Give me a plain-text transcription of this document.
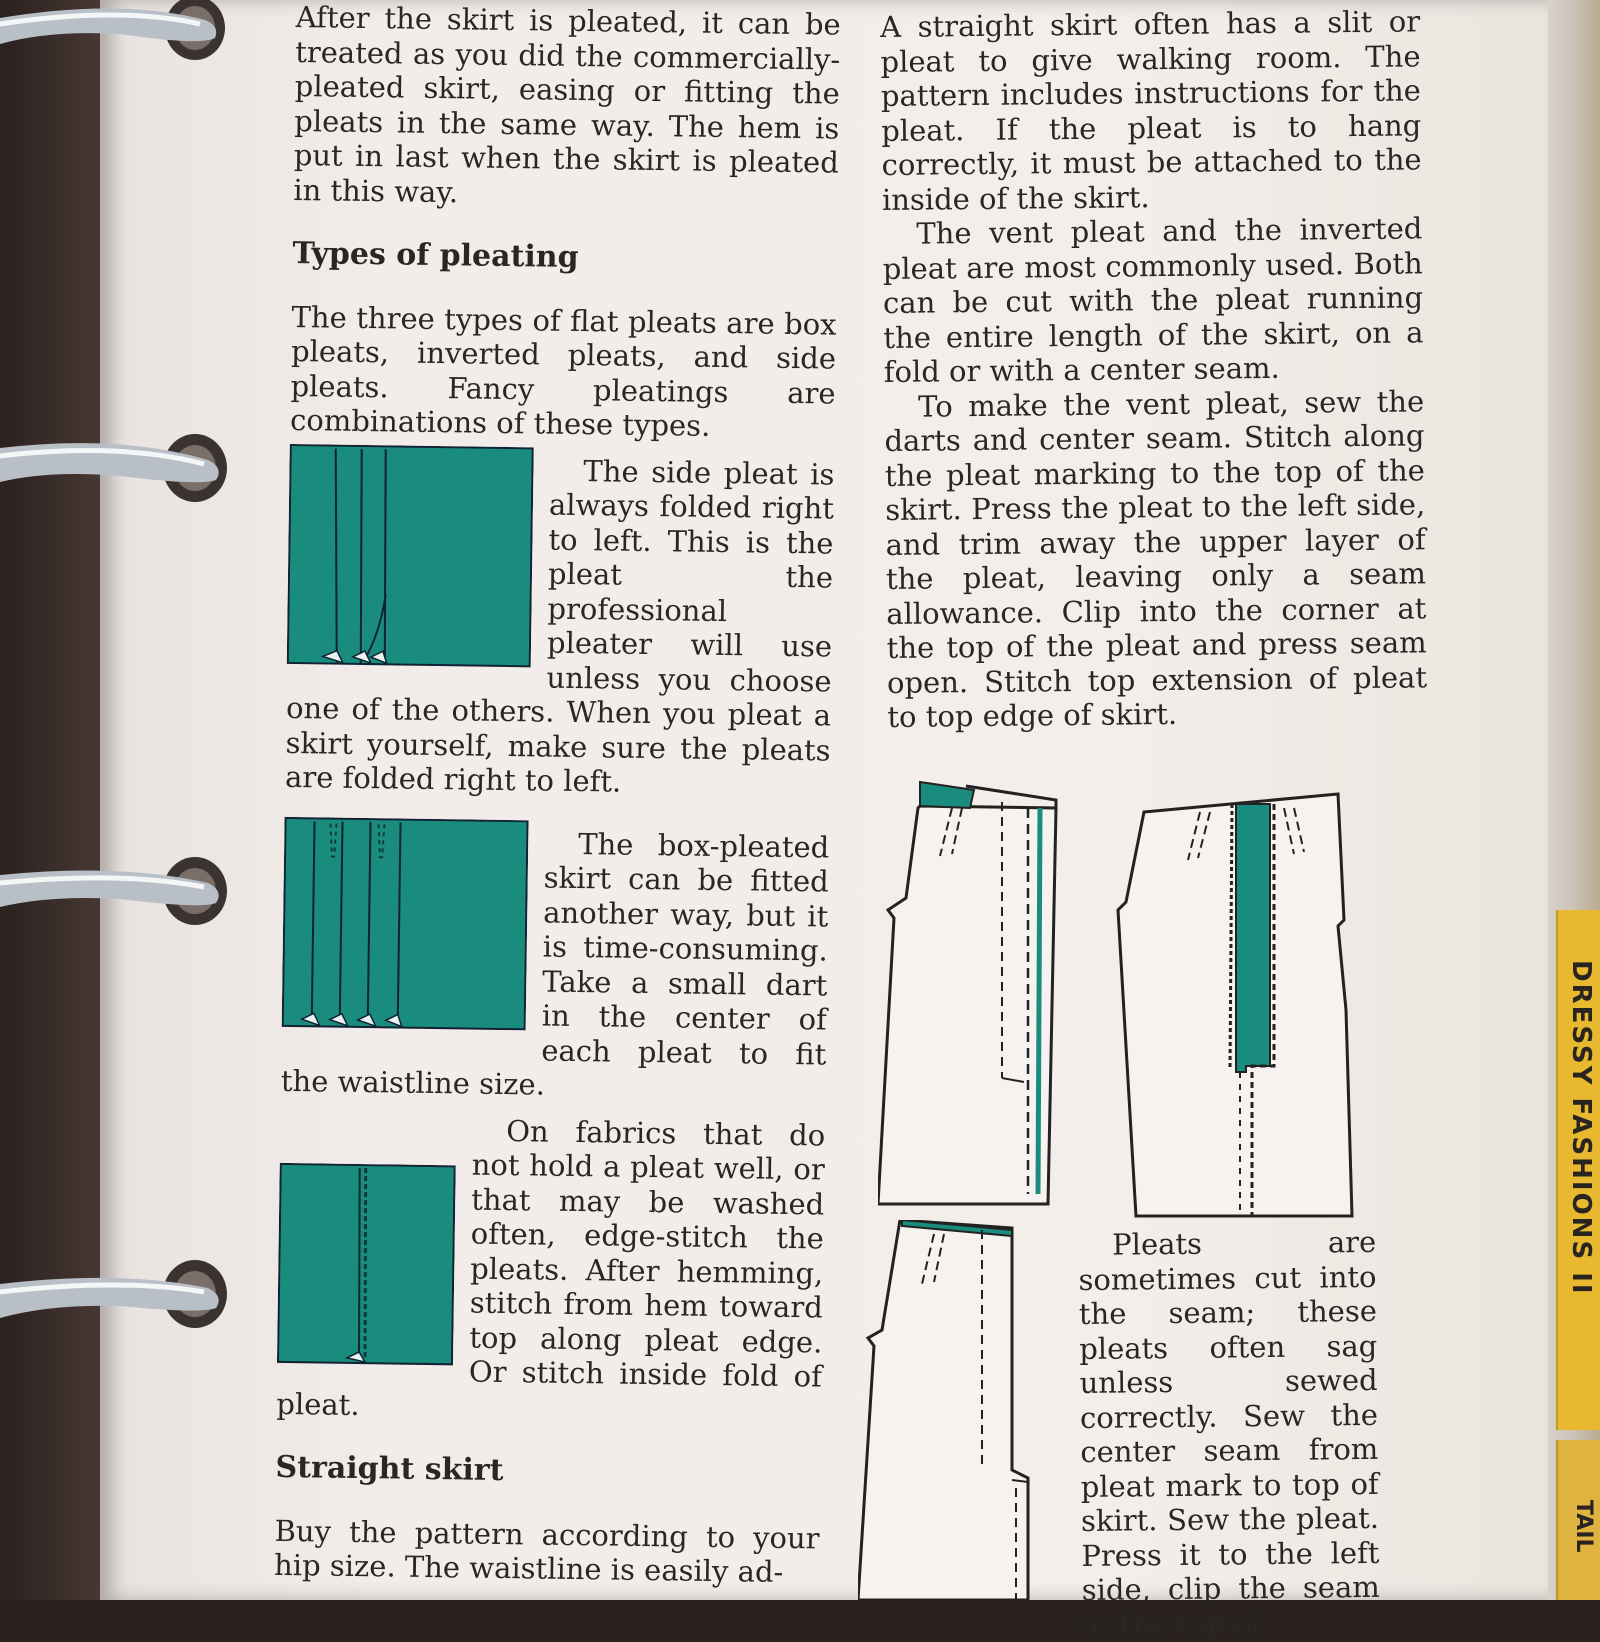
DRESSY FASHIONS II
TAIL

After the skirt is pleated, it can be treated as you did the commercially-pleated skirt, easing or fitting the pleats in the same way. The hem is put in last when the skirt is pleated in this way.

Types of pleating

The three types of flat pleats are box pleats, inverted pleats, and side pleats. Fancy pleatings are combinations of these types.

The side pleat is always folded right to left. This is the pleat the professional pleater will use unless you choose one of the others. When you pleat a skirt yourself, make sure the pleats are folded right to left.

The box-pleated skirt can be fitted another way, but it is time-consuming. Take a small dart in the center of each pleat to fit the waistline size.

On fabrics that do not hold a pleat well, or that may be washed often, edge-stitch the pleats. After hemming, stitch from hem toward top along pleat edge. Or stitch inside fold of pleat.

Straight skirt

Buy the pattern according to your hip size. The waistline is easily ad-

A straight skirt often has a slit or pleat to give walking room. The pattern includes instructions for the pleat. If the pleat is to hang correctly, it must be attached to the inside of the skirt.

The vent pleat and the inverted pleat are most commonly used. Both can be cut with the pleat running the entire length of the skirt, on a fold or with a center seam.

To make the vent pleat, sew the darts and center seam. Stitch along the pleat marking to the top of the skirt. Press the pleat to the left side, and trim away the upper layer of the pleat, leaving only a seam allowance. Clip into the corner at the top of the pleat and press seam open. Stitch top extension of pleat to top edge of skirt.

Pleats are sometimes cut into the seam; these pleats often sag unless sewed correctly. Sew the center seam from pleat mark to top of skirt. Sew the pleat. Press it to the left side, clip the seam at the top of
